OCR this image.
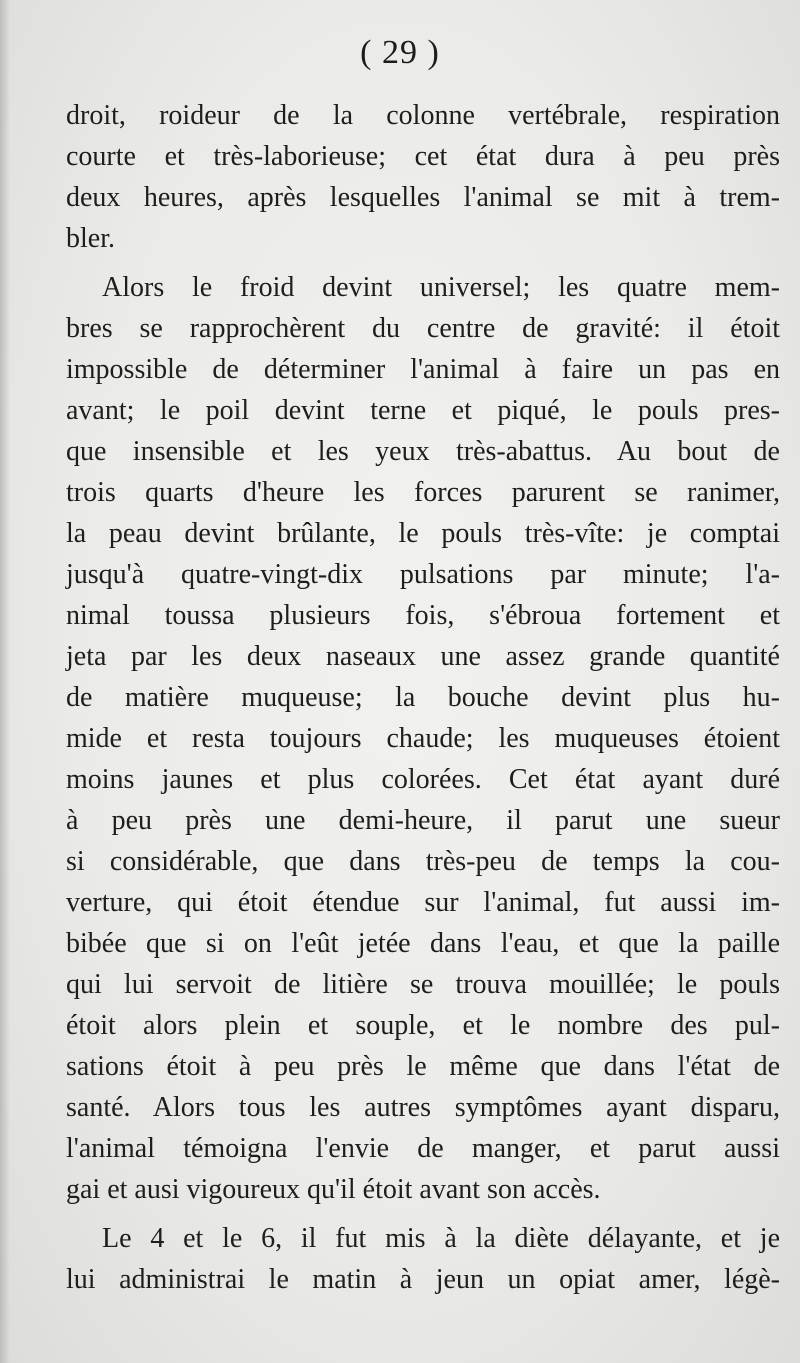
( 29 )
droit, roideur de la colonne vertébrale, respiration
courte et très-laborieuse; cet état dura à peu près
deux heures, après lesquelles l'animal se mit à trem-
bler.
Alors le froid devint universel; les quatre mem-
bres se rapprochèrent du centre de gravité: il étoit
impossible de déterminer l'animal à faire un pas en
avant; le poil devint terne et piqué, le pouls pres-
que insensible et les yeux très-abattus. Au bout de
trois quarts d'heure les forces parurent se ranimer,
la peau devint brûlante, le pouls très-vîte: je comptai
jusqu'à quatre-vingt-dix pulsations par minute; l'a-
nimal toussa plusieurs fois, s'ébroua fortement et
jeta par les deux naseaux une assez grande quantité
de matière muqueuse; la bouche devint plus hu-
mide et resta toujours chaude; les muqueuses étoient
moins jaunes et plus colorées. Cet état ayant duré
à peu près une demi-heure, il parut une sueur
si considérable, que dans très-peu de temps la cou-
verture, qui étoit étendue sur l'animal, fut aussi im-
bibée que si on l'eût jetée dans l'eau, et que la paille
qui lui servoit de litière se trouva mouillée; le pouls
étoit alors plein et souple, et le nombre des pul-
sations étoit à peu près le même que dans l'état de
santé. Alors tous les autres symptômes ayant disparu,
l'animal témoigna l'envie de manger, et parut aussi
gai et ausi vigoureux qu'il étoit avant son accès.
Le 4 et le 6, il fut mis à la diète délayante, et je
lui administrai le matin à jeun un opiat amer, légè-
